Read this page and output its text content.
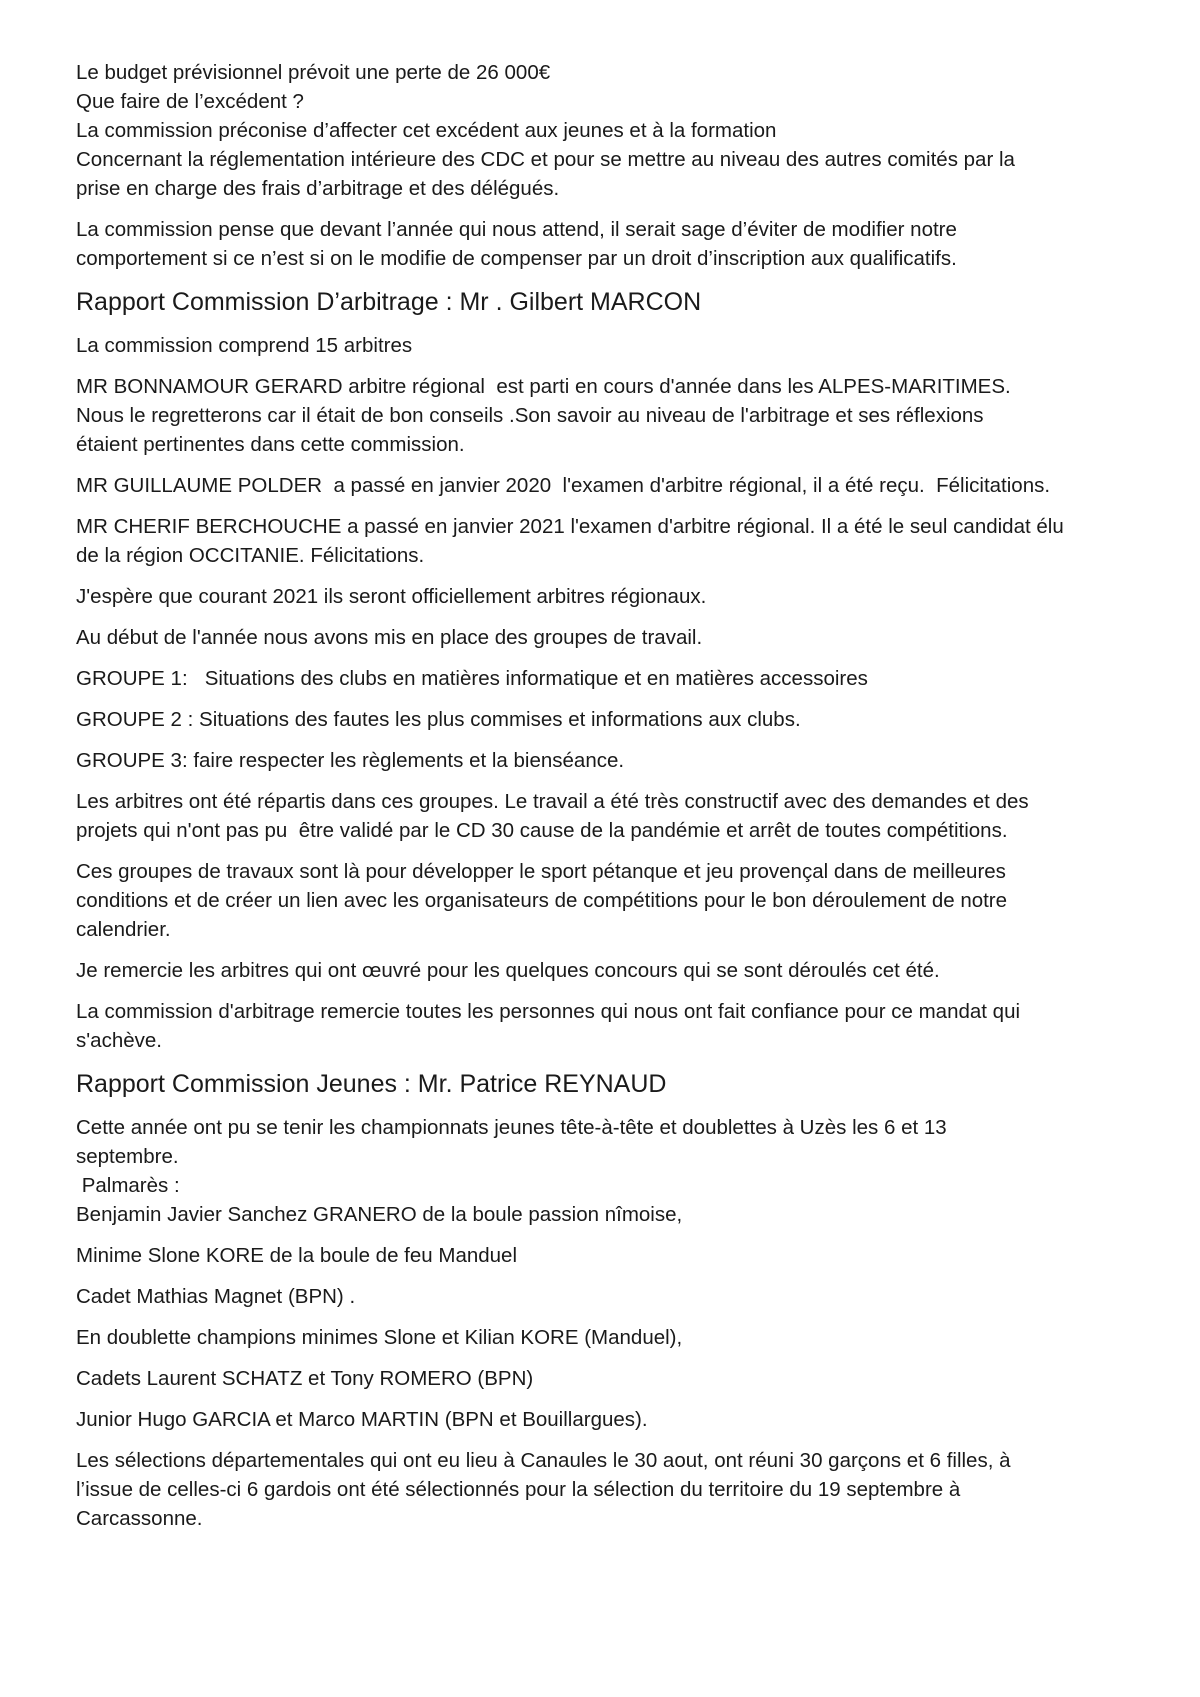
Le budget prévisionnel prévoit une perte de 26 000€
Que faire de l’excédent ?
La commission préconise d’affecter cet excédent aux jeunes et à la formation
Concernant la réglementation intérieure des CDC et pour se mettre au niveau des autres comités par la
prise en charge des frais d’arbitrage et des délégués.
La commission pense que devant l’année qui nous attend, il serait sage d’éviter de modifier notre
comportement si ce n’est si on le modifie de compenser par un droit d’inscription aux qualificatifs.
Rapport Commission D’arbitrage : Mr . Gilbert MARCON
La commission comprend 15 arbitres
MR BONNAMOUR GERARD arbitre régional  est parti en cours d'année dans les ALPES-MARITIMES.
Nous le regretterons car il était de bon conseils .Son savoir au niveau de l'arbitrage et ses réflexions
étaient pertinentes dans cette commission.
MR GUILLAUME POLDER  a passé en janvier 2020  l'examen d'arbitre régional, il a été reçu.  Félicitations.
MR CHERIF BERCHOUCHE a passé en janvier 2021 l'examen d'arbitre régional. Il a été le seul candidat élu
de la région OCCITANIE. Félicitations.
J'espère que courant 2021 ils seront officiellement arbitres régionaux.
Au début de l'année nous avons mis en place des groupes de travail.
GROUPE 1:   Situations des clubs en matières informatique et en matières accessoires
GROUPE 2 : Situations des fautes les plus commises et informations aux clubs.
GROUPE 3: faire respecter les règlements et la bienséance.
Les arbitres ont été répartis dans ces groupes. Le travail a été très constructif avec des demandes et des
projets qui n'ont pas pu  être validé par le CD 30 cause de la pandémie et arrêt de toutes compétitions.
Ces groupes de travaux sont là pour développer le sport pétanque et jeu provençal dans de meilleures
conditions et de créer un lien avec les organisateurs de compétitions pour le bon déroulement de notre
calendrier.
Je remercie les arbitres qui ont œuvré pour les quelques concours qui se sont déroulés cet été.
La commission d'arbitrage remercie toutes les personnes qui nous ont fait confiance pour ce mandat qui
s'achève.
Rapport Commission Jeunes : Mr. Patrice REYNAUD
Cette année ont pu se tenir les championnats jeunes tête-à-tête et doublettes à Uzès les 6 et 13
septembre.
Palmarès :
Benjamin Javier Sanchez GRANERO de la boule passion nîmoise,
Minime Slone KORE de la boule de feu Manduel
Cadet Mathias Magnet (BPN) .
En doublette champions minimes Slone et Kilian KORE (Manduel),
Cadets Laurent SCHATZ et Tony ROMERO (BPN)
Junior Hugo GARCIA et Marco MARTIN (BPN et Bouillargues).
Les sélections départementales qui ont eu lieu à Canaules le 30 aout, ont réuni 30 garçons et 6 filles, à
l’issue de celles-ci 6 gardois ont été sélectionnés pour la sélection du territoire du 19 septembre à
Carcassonne.
